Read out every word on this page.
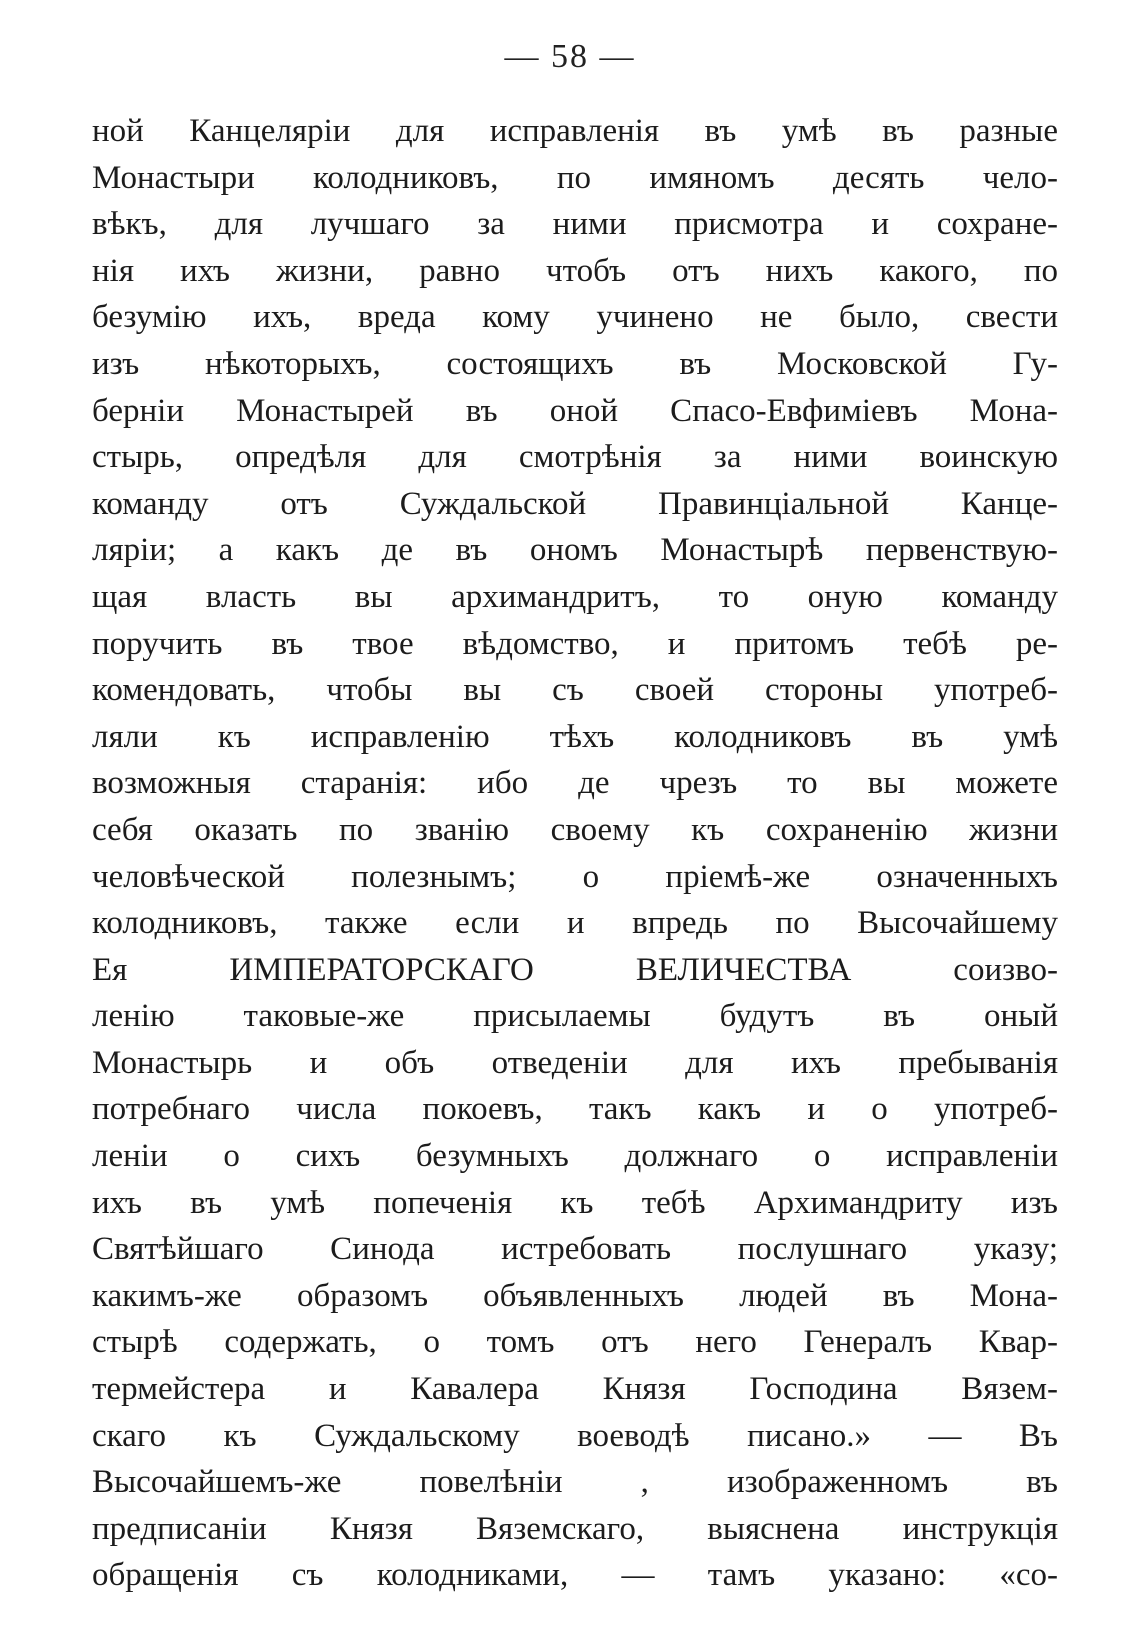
— 58 —
ной Канцеляріи для исправленія въ умѣ въ разные
Монастыри колодниковъ, по имяномъ десять чело-
вѣкъ, для лучшаго за ними присмотра и сохране-
нія ихъ жизни, равно чтобъ отъ нихъ какого, по
безумію ихъ, вреда кому учинено не было, свести
изъ нѣкоторыхъ, состоящихъ въ Московской Гу-
берніи Монастырей въ оной Спасо-Евфиміевъ Мона-
стырь, опредѣля для смотрѣнія за ними воинскую
команду отъ Суждальской Правинціальной Канце-
ляріи; а какъ де въ ономъ Монастырѣ первенствую-
щая власть вы архимандритъ, то оную команду
поручить въ твое вѣдомство, и притомъ тебѣ ре-
комендовать, чтобы вы съ своей стороны употреб-
ляли къ исправленію тѣхъ колодниковъ въ умѣ
возможныя старанія: ибо де чрезъ то вы можете
себя оказать по званію своему къ сохраненію жизни
человѣческой полезнымъ; о пріемѣ-же означенныхъ
колодниковъ, также если и впредь по Высочайшему
Ея ИМПЕРАТОРСКАГО ВЕЛИЧЕСТВА соизво-
ленію таковые-же присылаемы будутъ въ оный
Монастырь и объ отведеніи для ихъ пребыванія
потребнаго числа покоевъ, такъ какъ и о употреб-
леніи о сихъ безумныхъ должнаго о исправленіи
ихъ въ умѣ попеченія къ тебѣ Архимандриту изъ
Святѣйшаго Синода истребовать послушнаго указу;
какимъ-же образомъ объявленныхъ людей въ Мона-
стырѣ содержать, о томъ отъ него Генералъ Квар-
термейстера и Кавалера Князя Господина Вязем-
скаго къ Суждальскому воеводѣ писано.» — Въ
Высочайшемъ-же повелѣніи , изображенномъ въ
предписаніи Князя Вяземскаго, выяснена инструкція
обращенія съ колодниками, — тамъ указано: «со-
